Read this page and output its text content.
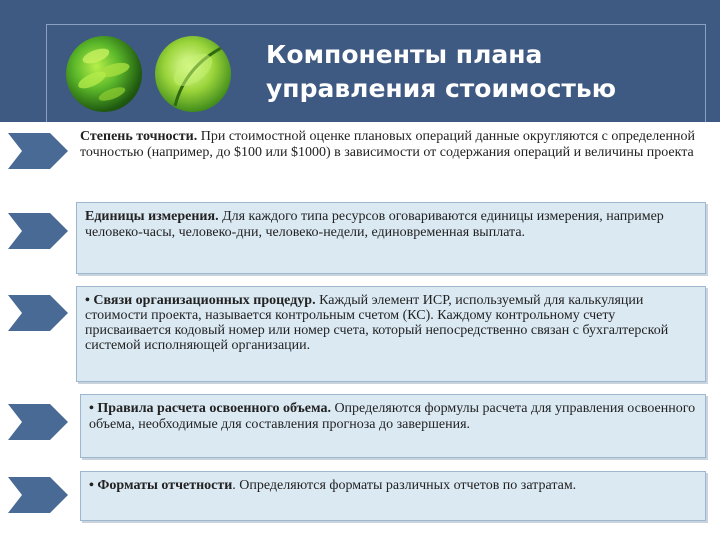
Компоненты плана
управления стоимостью
Степень точности. При стоимостной оценке плановых операций данные округляются с определенной точностью (например, до $100 или $1000) в зависимости от содержания операций и величины проекта
Единицы измерения. Для каждого типа ресурсов оговариваются единицы измерения, например человеко-часы, человеко-дни, человеко-недели, единовременная выплата.
• Связи организационных процедур. Каждый элемент ИСР, используемый для калькуляции стоимости проекта, называется контрольным счетом (КС). Каждому контрольному счету присваивается кодовый номер или номер счета, который непосредственно связан с бухгалтерской системой исполняющей организации.
• Правила расчета освоенного объема. Определяются формулы расчета для управления освоенного объема, необходимые для составления прогноза до завершения.
• Форматы отчетности. Определяются форматы различных отчетов по затратам.
